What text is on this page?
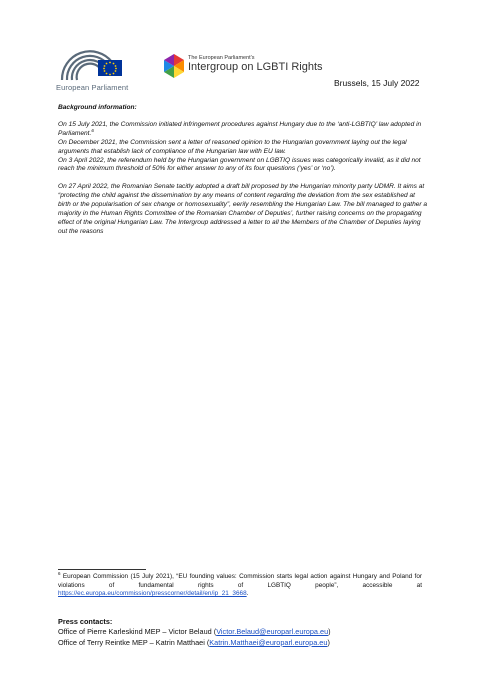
European Parliament
The European Parliament's
Intergroup on LGBTI Rights
Brussels, 15 July 2022

Background information:

On 15 July 2021, the Commission initiated infringement procedures against Hungary due to the ‘anti-LGBTIQ’ law adopted in Parliament.$^6$

On December 2021, the Commission sent a letter of reasoned opinion to the Hungarian government laying out the legal arguments that establish lack of compliance of the Hungarian law with EU law.

On 3 April 2022, the referendum held by the Hungarian government on LGBTIQ issues was categorically invalid, as it did not reach the minimum threshold of 50% for either answer to any of its four questions (‘yes’ or ‘no’).

On 27 April 2022, the Romanian Senate tacitly adopted a draft bill proposed by the Hungarian minority party UDMR. It aims at “protecting the child against the dissemination by any means of content regarding the deviation from the sex established at birth or the popularisation of sex change or homosexuality”, eerily resembling the Hungarian Law. The bill managed to gather a majority in the Human Rights Committee of the Romanian Chamber of Deputies’, further raising concerns on the propagating effect of the original Hungarian Law. The Intergroup addressed a letter to all the Members of the Chamber of Deputies laying out the reasons

$^6$ European Commission (15 July 2021), “EU founding values: Commission starts legal action against Hungary and Poland for violations of fundamental rights of LGBTIQ people”, accessible at https://ec.europa.eu/commission/presscorner/detail/en/ip_21_3668.
Press contacts:
Office of Pierre Karleskind MEP – Victor Belaud (Victor.Belaud@europarl.europa.eu)
Office of Terry Reintke MEP – Katrin Matthaei (Katrin.Matthaei@europarl.europa.eu)
